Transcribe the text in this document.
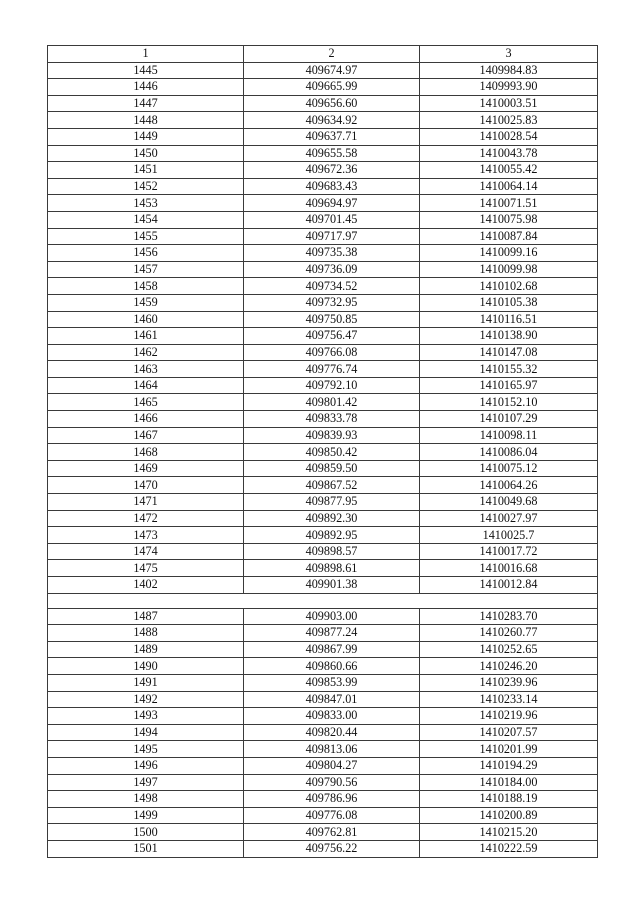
1	2	3
1445	409674.97	1409984.83
1446	409665.99	1409993.90
1447	409656.60	1410003.51
1448	409634.92	1410025.83
1449	409637.71	1410028.54
1450	409655.58	1410043.78
1451	409672.36	1410055.42
1452	409683.43	1410064.14
1453	409694.97	1410071.51
1454	409701.45	1410075.98
1455	409717.97	1410087.84
1456	409735.38	1410099.16
1457	409736.09	1410099.98
1458	409734.52	1410102.68
1459	409732.95	1410105.38
1460	409750.85	1410116.51
1461	409756.47	1410138.90
1462	409766.08	1410147.08
1463	409776.74	1410155.32
1464	409792.10	1410165.97
1465	409801.42	1410152.10
1466	409833.78	1410107.29
1467	409839.93	1410098.11
1468	409850.42	1410086.04
1469	409859.50	1410075.12
1470	409867.52	1410064.26
1471	409877.95	1410049.68
1472	409892.30	1410027.97
1473	409892.95	1410025.7
1474	409898.57	1410017.72
1475	409898.61	1410016.68
1402	409901.38	1410012.84

1487	409903.00	1410283.70
1488	409877.24	1410260.77
1489	409867.99	1410252.65
1490	409860.66	1410246.20
1491	409853.99	1410239.96
1492	409847.01	1410233.14
1493	409833.00	1410219.96
1494	409820.44	1410207.57
1495	409813.06	1410201.99
1496	409804.27	1410194.29
1497	409790.56	1410184.00
1498	409786.96	1410188.19
1499	409776.08	1410200.89
1500	409762.81	1410215.20
1501	409756.22	1410222.59
